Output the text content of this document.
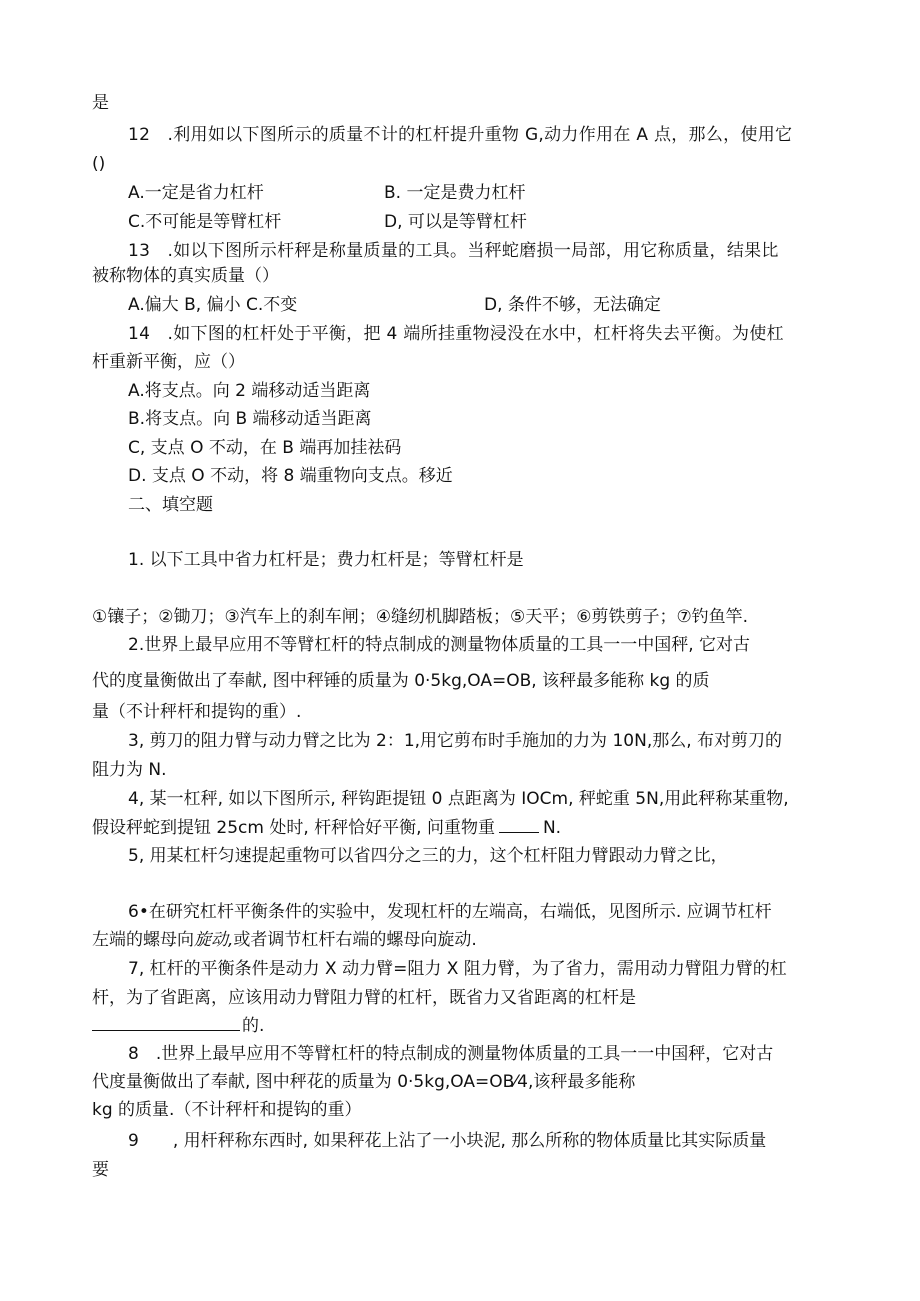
是
12　.利用如以下图所示的质量不计的杠杆提升重物 G,动力作用在 A 点，那么，使用它
()
A.一定是省力杠杆	B. 一定是费力杠杆
C.不可能是等臂杠杆	D, 可以是等臂杠杆
13　.如以下图所示杆秤是称量质量的工具。当秤蛇磨损一局部，用它称质量，结果比
被称物体的真实质量（）
A.偏大 B, 偏小 C.不变	D, 条件不够，无法确定
14　.如下图的杠杆处于平衡，把 4 端所挂重物浸没在水中，杠杆将失去平衡。为使杠
杆重新平衡，应（）
A.将支点。向 2 端移动适当距离
B.将支点。向 B 端移动适当距离
C, 支点 O 不动，在 B 端再加挂祛码
D. 支点 O 不动，将 8 端重物向支点。移近
二、填空题
1. 以下工具中省力杠杆是；费力杠杆是；等臂杠杆是
①镶子；②锄刀；③汽车上的刹车闸；④缝纫机脚踏板；⑤天平；⑥剪铁剪子；⑦钓鱼竿.
2.世界上最早应用不等臂杠杆的特点制成的测量物体质量的工具一一中国秤, 它对古
代的度量衡做出了奉献, 图中秤锤的质量为 0·5kg,OA=OB, 该秤最多能称 kg 的质
量（不计秤杆和提钩的重）.
3, 剪刀的阻力臂与动力臂之比为 2：1,用它剪布时手施加的力为 10N,那么, 布对剪刀的
阻力为 N.
4, 某一杠秤, 如以下图所示, 秤钩距提钮 0 点距离为 IOCm, 秤蛇重 5N,用此秤称某重物,
假设秤蛇到提钮 25cm 处时, 杆秤恰好平衡, 问重物重	N.
5, 用某杠杆匀速提起重物可以省四分之三的力，这个杠杆阻力臂跟动力臂之比，
6•在研究杠杆平衡条件的实验中，发现杠杆的左端高，右端低，见图所示. 应调节杠杆
左端的螺母向旋动,或者调节杠杆右端的螺母向旋动.
7, 杠杆的平衡条件是动力 X 动力臂=阻力 X 阻力臂，为了省力，需用动力臂阻力臂的杠
杆，为了省距离，应该用动力臂阻力臂的杠杆，既省力又省距离的杠杆是
的.
8　.世界上最早应用不等臂杠杆的特点制成的测量物体质量的工具一一中国秤，它对古
代度量衡做出了奉献, 图中秤花的质量为 0·5kg,OA=OB⁄4,该秤最多能称
kg 的质量.（不计秤杆和提钩的重）
9 , 用杆秤称东西时, 如果秤花上沾了一小块泥, 那么所称的物体质量比其实际质量
要
